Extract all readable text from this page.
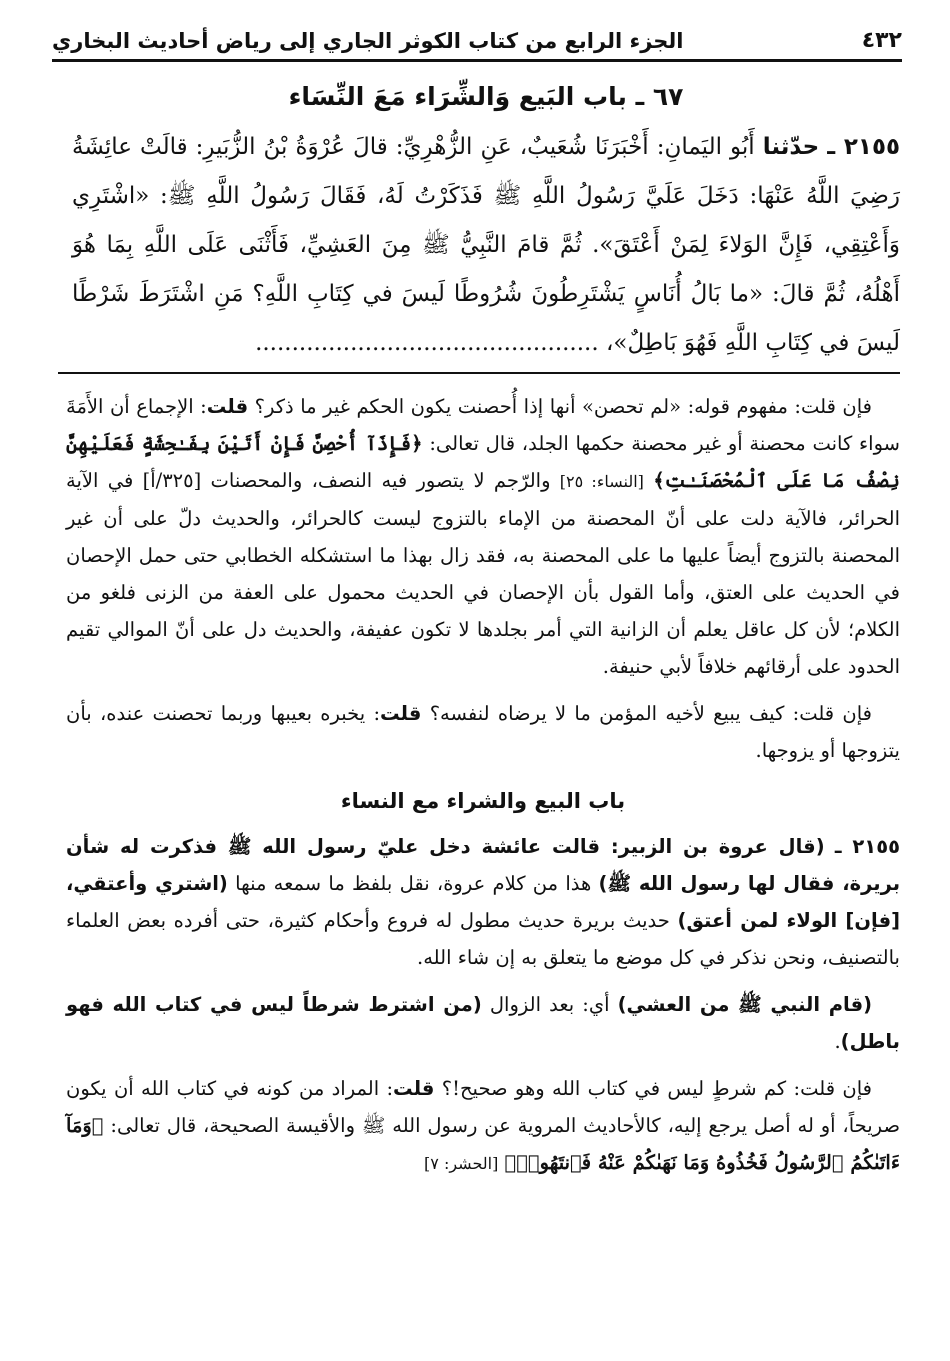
٤٣٢
الجزء الرابع من كتاب الكوثر الجاري إلى رياض أحاديث البخاري
٦٧ ـ باب البَيع وَالشِّرَاء مَعَ النِّسَاء

٢١٥٥ ـ حدّثنا أَبُو اليَمانِ: أَخْبَرَنَا شُعَيبٌ، عَنِ الزُّهْرِيِّ: قالَ عُرْوَةُ بْنُ الزُّبَيرِ: قالَتْ عائِشَةُ رَضِيَ اللَّهُ عَنْهَا: دَخَلَ عَلَيَّ رَسُولُ اللَّهِ ﷺ فَذَكَرْتُ لَهُ، فَقَالَ رَسُولُ اللَّهِ ﷺ: «اشْتَرِي وَأَعْتِقِي، فَإِنَّ الوَلاءَ لِمَنْ أَعْتَقَ». ثُمَّ قامَ النَّبِيُّ ﷺ مِنَ العَشِيِّ، فَأَثْنَى عَلَى اللَّهِ بِمَا هُوَ أَهْلُهُ، ثُمَّ قالَ: «ما بَالُ أُنَاسٍ يَشْتَرِطُونَ شُرُوطًا لَيسَ في كِتَابِ اللَّهِ؟ مَنِ اشْتَرَطَ شَرْطًا لَيسَ في كِتَابِ اللَّهِ فَهُوَ بَاطِلٌ»، ...............................................

فإن قلت: مفهوم قوله: «لم تحصن» أنها إذا أُحصنت يكون الحكم غير ما ذكر؟ قلت: الإجماع أن الأَمَةَ سواء كانت محصنة أو غير محصنة حكمها الجلد، قال تعالى: ﴿فَإِذَآ أُحْصِنَّ فَإِنْ أَتَيْنَ بِفَـٰحِشَةٍ فَعَلَيْهِنَّ نِصْفُ مَا عَلَى ٱلْمُحْصَنَـٰتِ﴾ [النساء: ٢٥] والرّجم لا يتصور فيه النصف، والمحصنات [٣٢٥/أ] في الآية الحرائر، فالآية دلت على أنّ المحصنة من الإماء بالتزوج ليست كالحرائر، والحديث دلّ على أن غير المحصنة بالتزوج أيضاً عليها ما على المحصنة به، فقد زال بهذا ما استشكله الخطابي حتى حمل الإحصان في الحديث على العتق، وأما القول بأن الإحصان في الحديث محمول على العفة من الزنى فلغو من الكلام؛ لأن كل عاقل يعلم أن الزانية التي أمر بجلدها لا تكون عفيفة، والحديث دل على أنّ الموالي تقيم الحدود على أرقائهم خلافاً لأبي حنيفة.

فإن قلت: كيف يبيع لأخيه المؤمن ما لا يرضاه لنفسه؟ قلت: يخبره بعيبها وربما تحصنت عنده، بأن يتزوجها أو يزوجها.

باب البيع والشراء مع النساء

٢١٥٥ ـ (قال عروة بن الزبير: قالت عائشة دخل عليّ رسول الله ﷺ فذكرت له شأن بريرة، فقال لها رسول الله ﷺ) هذا من كلام عروة، نقل بلفظ ما سمعه منها (اشتري وأعتقي، [فإن] الولاء لمن أعتق) حديث بريرة حديث مطول له فروع وأحكام كثيرة، حتى أفرده بعض العلماء بالتصنيف، ونحن نذكر في كل موضع ما يتعلق به إن شاء الله.

(قام النبي ﷺ من العشي) أي: بعد الزوال (من اشترط شرطاً ليس في كتاب الله فهو باطل).

فإن قلت: كم شرطٍ ليس في كتاب الله وهو صحيح!؟ قلت: المراد من كونه في كتاب الله أن يكون صريحاً، أو له أصل يرجع إليه، كالأحاديث المروية عن رسول الله ﷺ والأقيسة الصحيحة، قال تعالى: ﴿وَمَآ ءَاتَىٰكُمُ ٱلرَّسُولُ فَخُذُوهُ وَمَا نَهَىٰكُمْ عَنْهُ فَٱنتَهُوا۟﴾ [الحشر: ٧]
